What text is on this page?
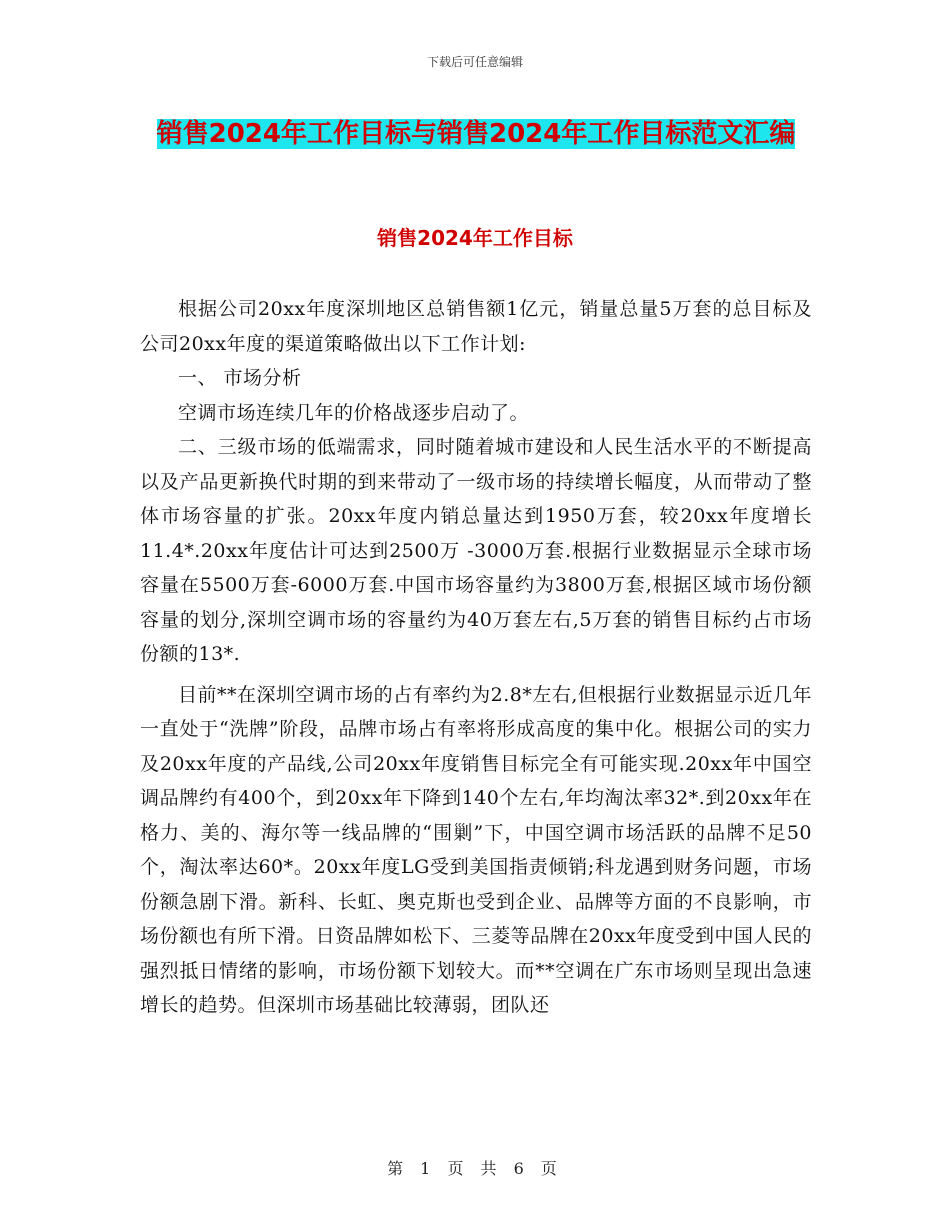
下载后可任意编辑
销售2024年工作目标与销售2024年工作目标范文汇编
销售2024年工作目标

根据公司20xx年度深圳地区总销售额1亿元，销量总量5万套的总目标及公司20xx年度的渠道策略做出以下工作计划:

一、 市场分析

空调市场连续几年的价格战逐步启动了。

二、三级市场的低端需求，同时随着城市建设和人民生活水平的不断提高以及产品更新换代时期的到来带动了一级市场的持续增长幅度，从而带动了整体市场容量的扩张。20xx年度内销总量达到1950万套，较20xx年度增长11.4*.20xx年度估计可达到2500万 -3000万套.根据行业数据显示全球市场容量在5500万套-6000万套.中国市场容量约为3800万套,根据区域市场份额容量的划分,深圳空调市场的容量约为40万套左右,5万套的销售目标约占市场份额的13*.

目前**在深圳空调市场的占有率约为2.8*左右,但根据行业数据显示近几年一直处于“洗牌”阶段，品牌市场占有率将形成高度的集中化。根据公司的实力及20xx年度的产品线,公司20xx年度销售目标完全有可能实现.20xx年中国空调品牌约有400个，到20xx年下降到140个左右,年均淘汰率32*.到20xx年在格力、美的、海尔等一线品牌的“围剿”下，中国空调市场活跃的品牌不足50个，淘汰率达60*。20xx年度LG受到美国指责倾销;科龙遇到财务问题，市场份额急剧下滑。新科、长虹、奥克斯也受到企业、品牌等方面的不良影响，市场份额也有所下滑。日资品牌如松下、三菱等品牌在20xx年度受到中国人民的强烈抵日情绪的影响，市场份额下划较大。而**空调在广东市场则呈现出急速增长的趋势。但深圳市场基础比较薄弱，团队还

第 1 页 共 6 页
